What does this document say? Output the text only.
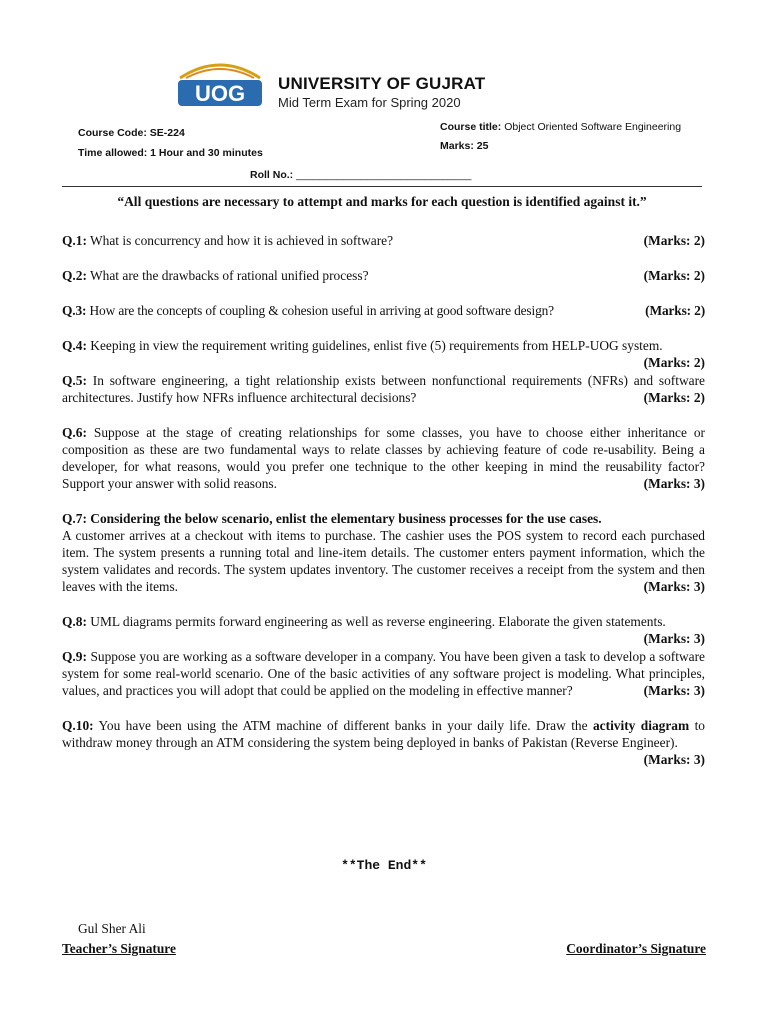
UOG UNIVERSITY OF GUJRAT
Mid Term Exam for Spring 2020
Course Code: SE-224
Time allowed: 1 Hour and 30 minutes
Course title: Object Oriented Software Engineering
Marks: 25
Roll No.: ______________________________
“All questions are necessary to attempt and marks for each question is identified against it.”
Q.1: What is concurrency and how it is achieved in software?	(Marks: 2)
Q.2: What are the drawbacks of rational unified process?	(Marks: 2)
Q.3: How are the concepts of coupling & cohesion useful in arriving at good software design?	(Marks: 2)
Q.4: Keeping in view the requirement writing guidelines, enlist five (5) requirements from HELP-UOG system.
(Marks: 2)
Q.5: In software engineering, a tight relationship exists between nonfunctional requirements (NFRs) and software architectures. Justify how NFRs influence architectural decisions?	(Marks: 2)
Q.6: Suppose at the stage of creating relationships for some classes, you have to choose either inheritance or composition as these are two fundamental ways to relate classes by achieving feature of code re-usability. Being a developer, for what reasons, would you prefer one technique to the other keeping in mind the reusability factor? Support your answer with solid reasons.	(Marks: 3)
Q.7: Considering the below scenario, enlist the elementary business processes for the use cases.
A customer arrives at a checkout with items to purchase. The cashier uses the POS system to record each purchased item. The system presents a running total and line-item details. The customer enters payment information, which the system validates and records. The system updates inventory. The customer receives a receipt from the system and then leaves with the items.	(Marks: 3)
Q.8: UML diagrams permits forward engineering as well as reverse engineering. Elaborate the given statements.
(Marks: 3)
Q.9: Suppose you are working as a software developer in a company. You have been given a task to develop a software system for some real-world scenario. One of the basic activities of any software project is modeling. What principles, values, and practices you will adopt that could be applied on the modeling in effective manner?	(Marks: 3)
Q.10: You have been using the ATM machine of different banks in your daily life. Draw the activity diagram to withdraw money through an ATM considering the system being deployed in banks of Pakistan (Reverse Engineer).
(Marks: 3)
**The End**
Gul Sher Ali
Teacher’s Signature	Coordinator’s Signature
